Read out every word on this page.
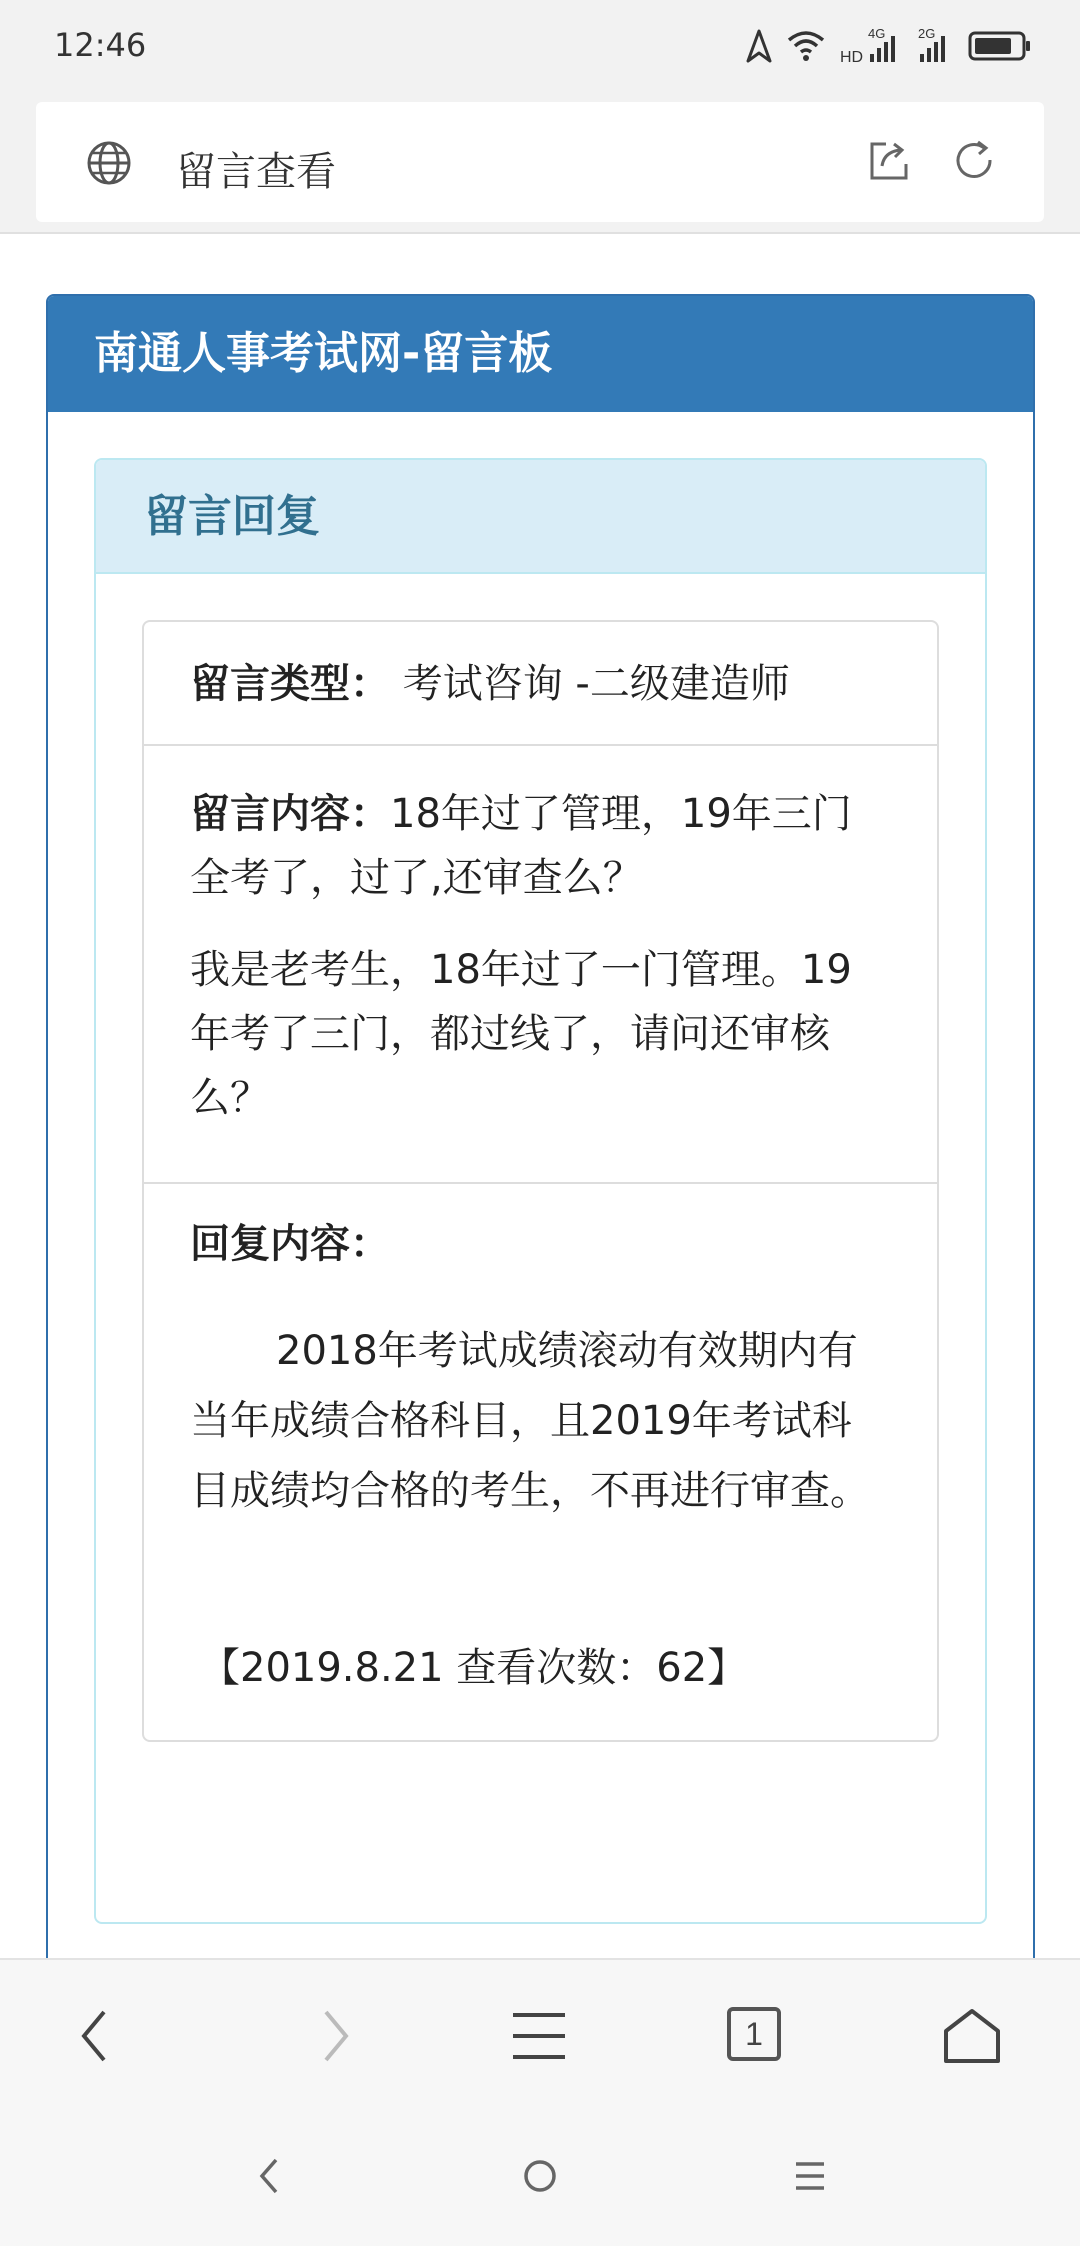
12:46	HD
4G	2G
留言查看
南通人事考试网-留言板
留言回复
留言类型： 考试咨询 -二级建造师

留言内容：18年过了管理，19年三门全考了，过了,还审查么？

我是老考生，18年过了一门管理。19年考了三门，都过线了，请问还审核么？

回复内容：
2018年考试成绩滚动有效期内有当年成绩合格科目，且2019年考试科目成绩均合格的考生，不再进行审查。
【2019.8.21 查看次数：62】
1
